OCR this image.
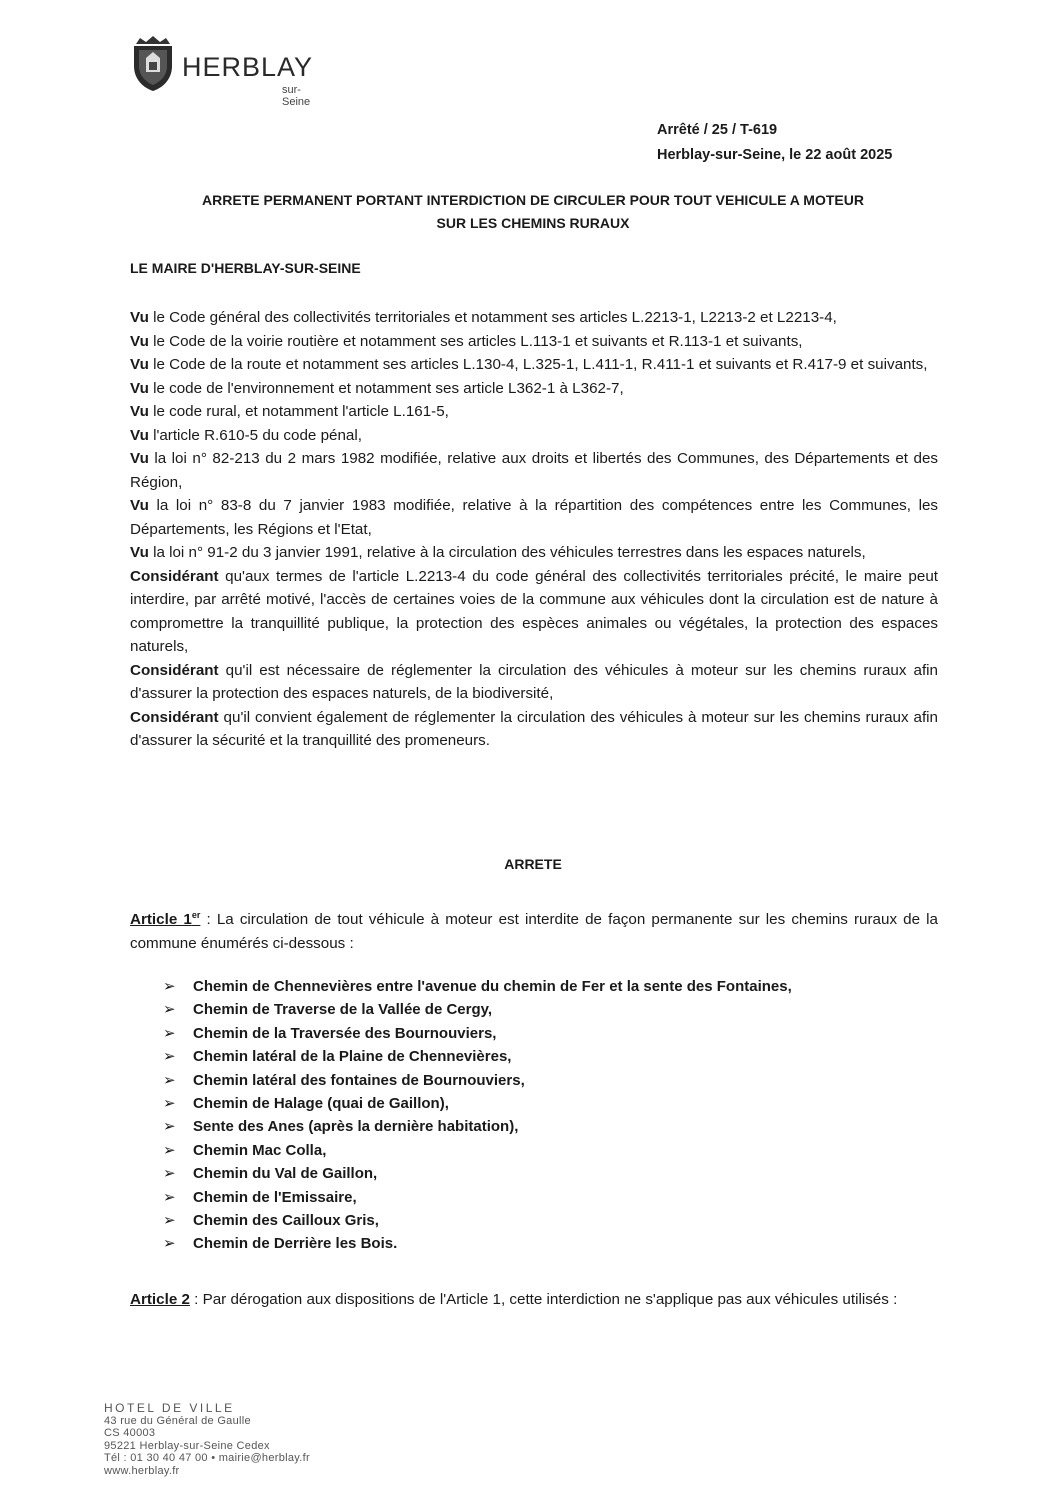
HERBLAY
sur-Seine
Arrêté / 25 / T-619
Herblay-sur-Seine, le 22 août 2025
ARRETE PERMANENT PORTANT INTERDICTION DE CIRCULER POUR TOUT VEHICULE A MOTEUR
SUR LES CHEMINS RURAUX
LE MAIRE D'HERBLAY-SUR-SEINE

Vu le Code général des collectivités territoriales et notamment ses articles L.2213-1, L2213-2 et L2213-4,

Vu le Code de la voirie routière et notamment ses articles L.113-1 et suivants et R.113-1 et suivants,

Vu le Code de la route et notamment ses articles L.130-4, L.325-1, L.411-1, R.411-1 et suivants et R.417-9 et suivants,

Vu le code de l'environnement et notamment ses article L362-1 à L362-7,

Vu le code rural, et notamment l'article L.161-5,

Vu l'article R.610-5 du code pénal,

Vu la loi n° 82-213 du 2 mars 1982 modifiée, relative aux droits et libertés des Communes, des Départements et des Région,

Vu la loi n° 83-8 du 7 janvier 1983 modifiée, relative à la répartition des compétences entre les Communes, les Départements, les Régions et l'Etat,

Vu la loi n° 91-2 du 3 janvier 1991, relative à la circulation des véhicules terrestres dans les espaces naturels,

Considérant qu'aux termes de l'article L.2213-4 du code général des collectivités territoriales précité, le maire peut interdire, par arrêté motivé, l'accès de certaines voies de la commune aux véhicules dont la circulation est de nature à compromettre la tranquillité publique, la protection des espèces animales ou végétales, la protection des espaces naturels,

Considérant qu'il est nécessaire de réglementer la circulation des véhicules à moteur sur les chemins ruraux afin d'assurer la protection des espaces naturels, de la biodiversité,

Considérant qu'il convient également de réglementer la circulation des véhicules à moteur sur les chemins ruraux afin d'assurer la sécurité et la tranquillité des promeneurs.

ARRETE

Article 1er : La circulation de tout véhicule à moteur est interdite de façon permanente sur les chemins ruraux de la commune énumérés ci-dessous :

➢	Chemin de Chennevières entre l'avenue du chemin de Fer et la sente des Fontaines,
➢	Chemin de Traverse de la Vallée de Cergy,
➢	Chemin de la Traversée des Bournouviers,
➢	Chemin latéral de la Plaine de Chennevières,
➢	Chemin latéral des fontaines de Bournouviers,
➢	Chemin de Halage (quai de Gaillon),
➢	Sente des Anes (après la dernière habitation),
➢	Chemin Mac Colla,
➢	Chemin du Val de Gaillon,
➢	Chemin de l'Emissaire,
➢	Chemin des Cailloux Gris,
➢	Chemin de Derrière les Bois.

Article 2 : Par dérogation aux dispositions de l'Article 1, cette interdiction ne s'applique pas aux véhicules utilisés :

HOTEL DE VILLE
43 rue du Général de Gaulle
CS 40003
95221 Herblay-sur-Seine Cedex
Tél : 01 30 40 47 00 • mairie@herblay.fr
www.herblay.fr
